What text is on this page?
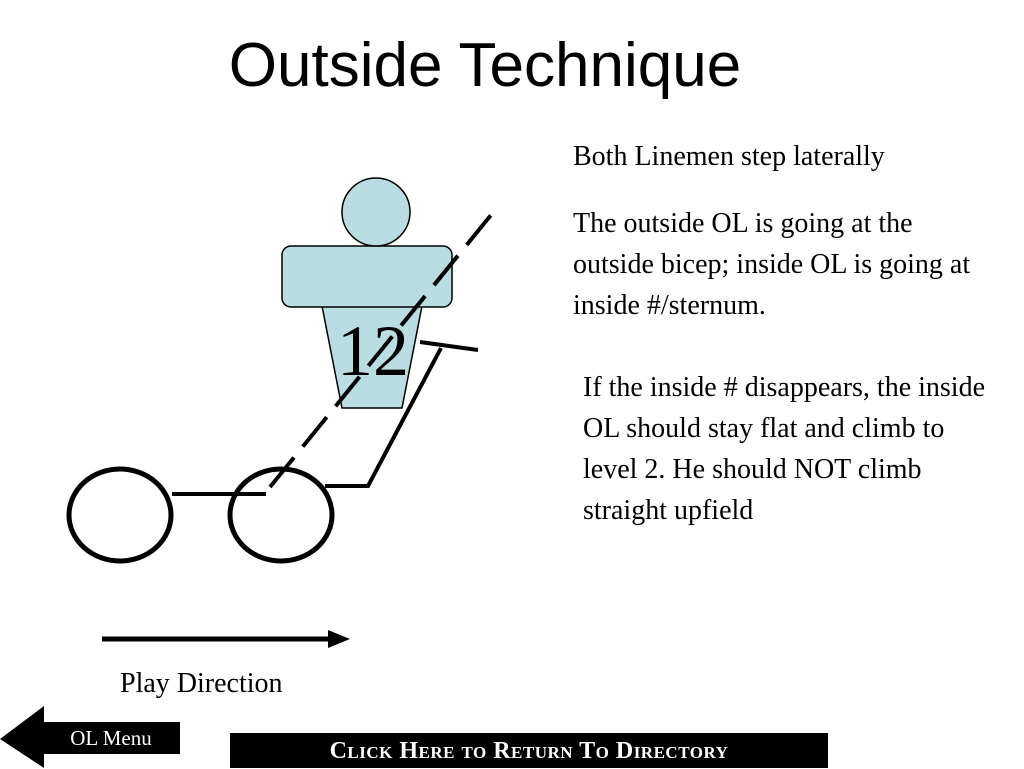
Outside Technique

Both Linemen step laterally

The outside OL is going at the outside bicep; inside OL is going at inside #/sternum.

If the inside # disappears, the inside OL should stay flat and climb to level 2. He should NOT climb straight upfield

12
Play Direction
OL Menu	Click Here to Return To Directory
